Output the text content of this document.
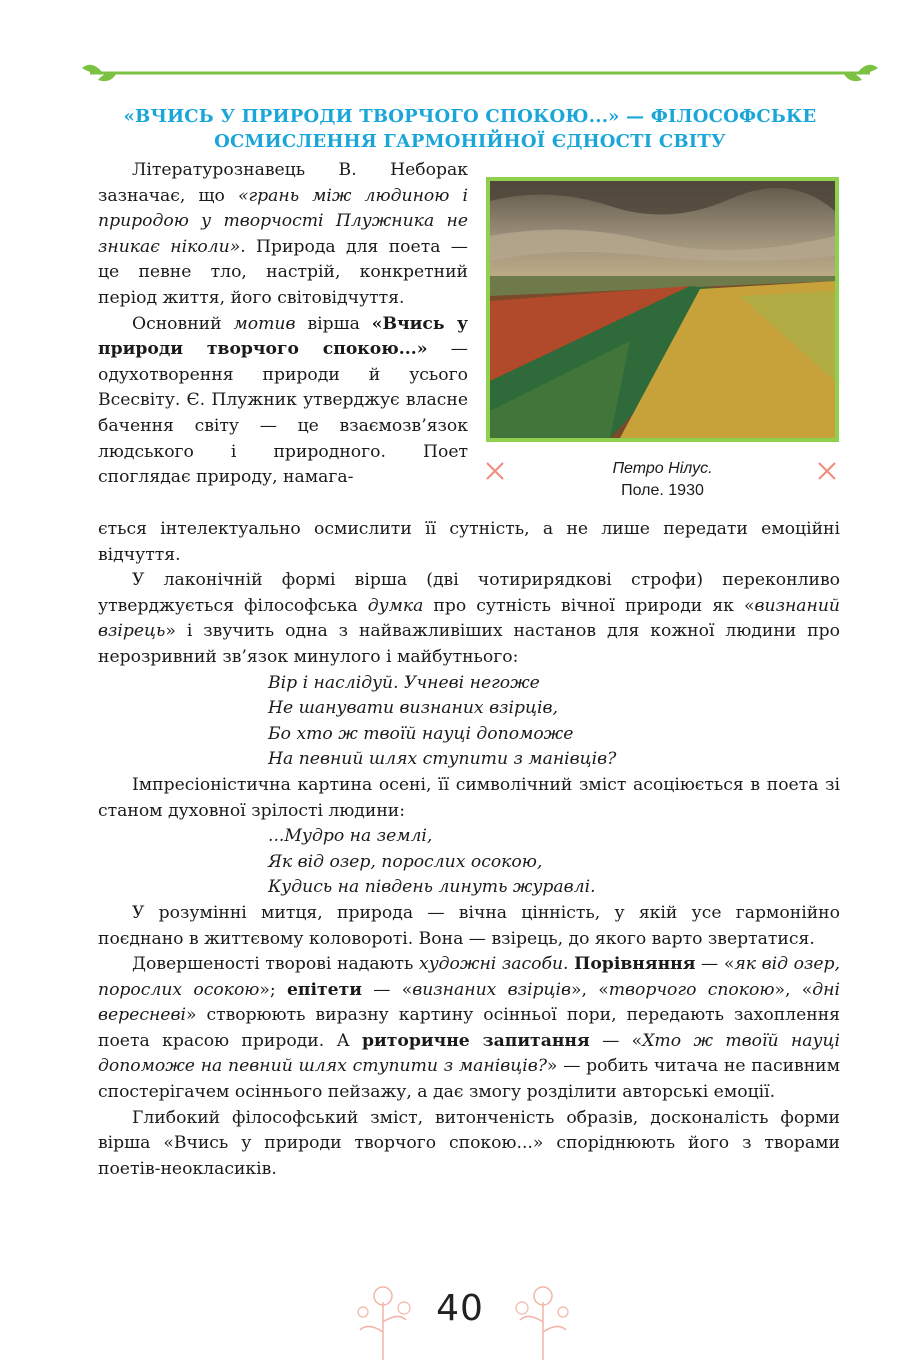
«ВЧИСЬ У ПРИРОДИ ТВОРЧОГО СПОКОЮ...» — ФІЛОСОФСЬКЕ
ОСМИСЛЕННЯ ГАРМОНІЙНОЇ ЄДНОСТІ СВІТУ

Літературознавець В. Неборак зазначає, що «грань між людиною і природою у творчості Плужника не зникає ніколи». Природа для поета — це певне тло, настрій, конкретний період життя, його світовідчуття.

Основний мотив вірша «Вчись у природи творчого спокою...» — одухотворення природи й усього Всесвіту. Є. Плужник утверджує власне бачення світу — це взаємозв’язок людського і природного. Поет споглядає природу, намага-	Петро Нілус.
Поле. 1930

ється інтелектуально осмислити її сутність, а не лише передати емоційні відчуття.

У лаконічній формі вірша (дві чотирирядкові строфи) переконливо утверджується філософська думка про сутність вічної природи як «визнаний взірець» і звучить одна з найважливіших настанов для кожної людини про нерозривний зв’язок минулого і майбутнього:

Вір і наслідуй. Учневі негоже
Не шанувати визнаних взірців,
Бо хто ж твоїй науці допоможе
На певний шлях ступити з манівців?

Імпресіоністична картина осені, її символічний зміст асоціюється в поета зі станом духовної зрілості людини:

...Мудро на землі,
Як від озер, порослих осокою,
Кудись на південь линуть журавлі.

У розумінні митця, природа — вічна цінність, у якій усе гармонійно поєднано в життєвому коловороті. Вона — взірець, до якого варто звертатися.

Довершеності творові надають художні засоби. Порівняння — «як від озер, порослих осокою»; епітети — «визнаних взірців», «творчого спокою», «дні вересневі» створюють виразну картину осінньої пори, передають захоплення поета красою природи. А риторичне запитання — «Хто ж твоїй науці допоможе на певний шлях ступити з манівців?» — робить читача не пасивним спостерігачем осіннього пейзажу, а дає змогу розділити авторські емоції.

Глибокий філософський зміст, витонченість образів, досконалість форми вірша «Вчись у природи творчого спокою...» споріднюють його з творами поетів-неокласиків.

40
